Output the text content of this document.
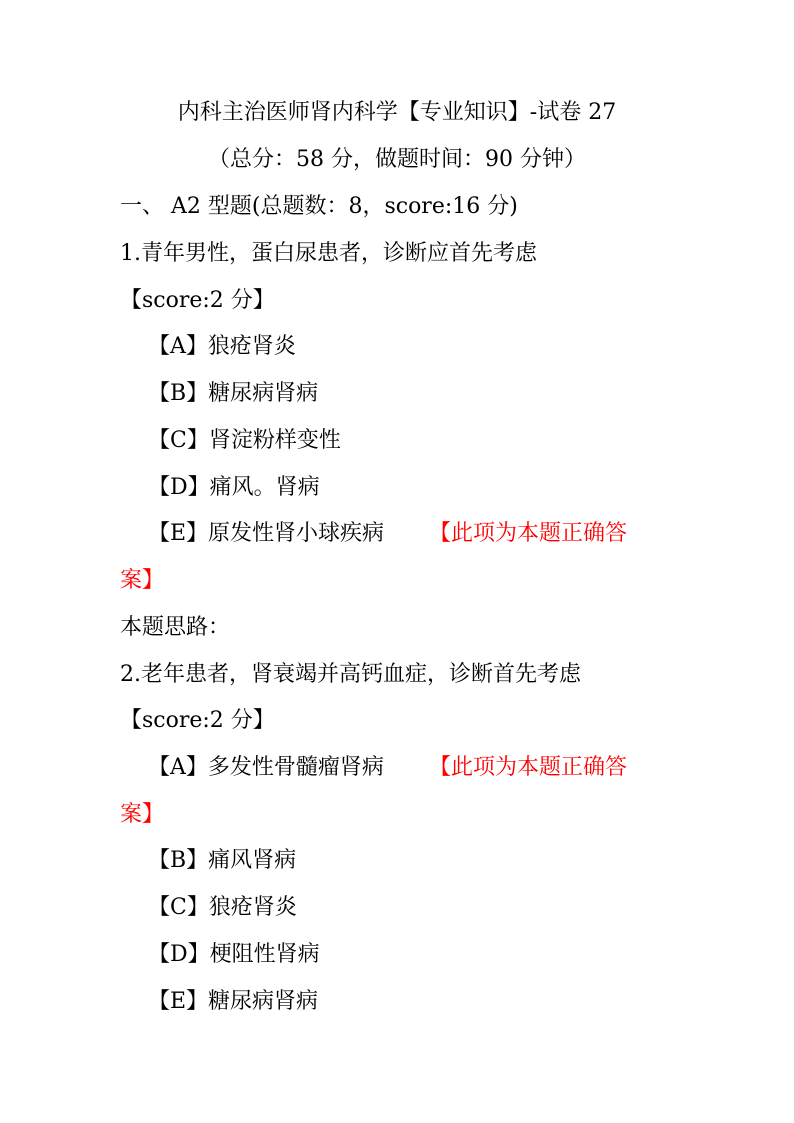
内科主治医师肾内科学【专业知识】-试卷 27
（总分：58 分，做题时间：90 分钟）
一、 A2 型题(总题数：8，score:16 分)
1.青年男性，蛋白尿患者，诊断应首先考虑
【score:2 分】
【A】狼疮肾炎
【B】糖尿病肾病
【C】肾淀粉样变性
【D】痛风。肾病
【E】原发性肾小球疾病 【此项为本题正确答
案】
本题思路：
2.老年患者，肾衰竭并高钙血症，诊断首先考虑
【score:2 分】
【A】多发性骨髓瘤肾病 【此项为本题正确答
案】
【B】痛风肾病
【C】狼疮肾炎
【D】梗阻性肾病
【E】糖尿病肾病
